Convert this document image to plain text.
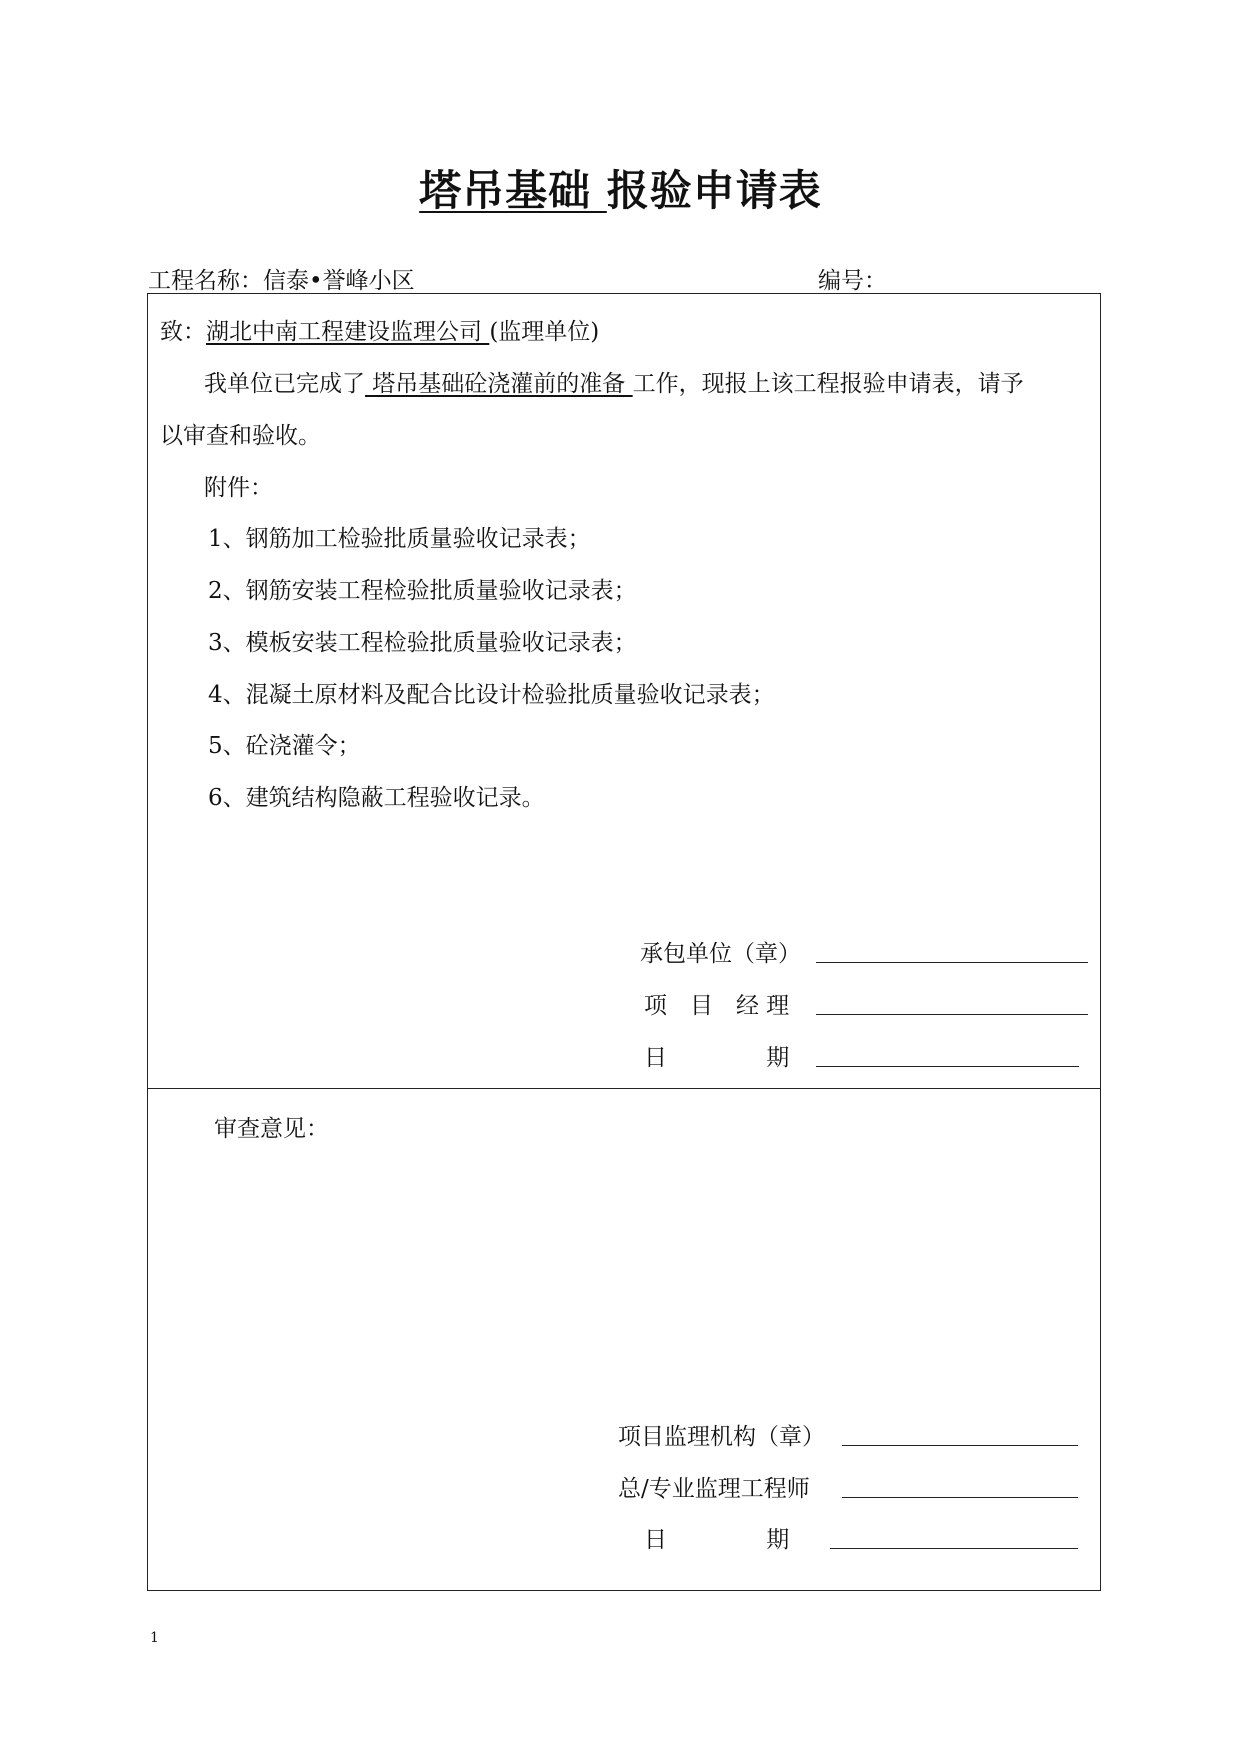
塔吊基础 报验申请表
工程名称：信泰•誉峰小区	编号：
致：湖北中南工程建设监理公司 (监理单位)
我单位已完成了 塔吊基础砼浇灌前的准备 工作，现报上该工程报验申请表，请予
以审查和验收。
附件：
1、钢筋加工检验批质量验收记录表；
2、钢筋安装工程检验批质量验收记录表；
3、模板安装工程检验批质量验收记录表；
4、混凝土原材料及配合比设计检验批质量验收记录表；
5、砼浇灌令；
6、建筑结构隐蔽工程验收记录。
承包单位（章）
项　目　经 理
日　　　　 期
审查意见：
项目监理机构（章）
总/专业监理工程师
日　　　　 期
1
